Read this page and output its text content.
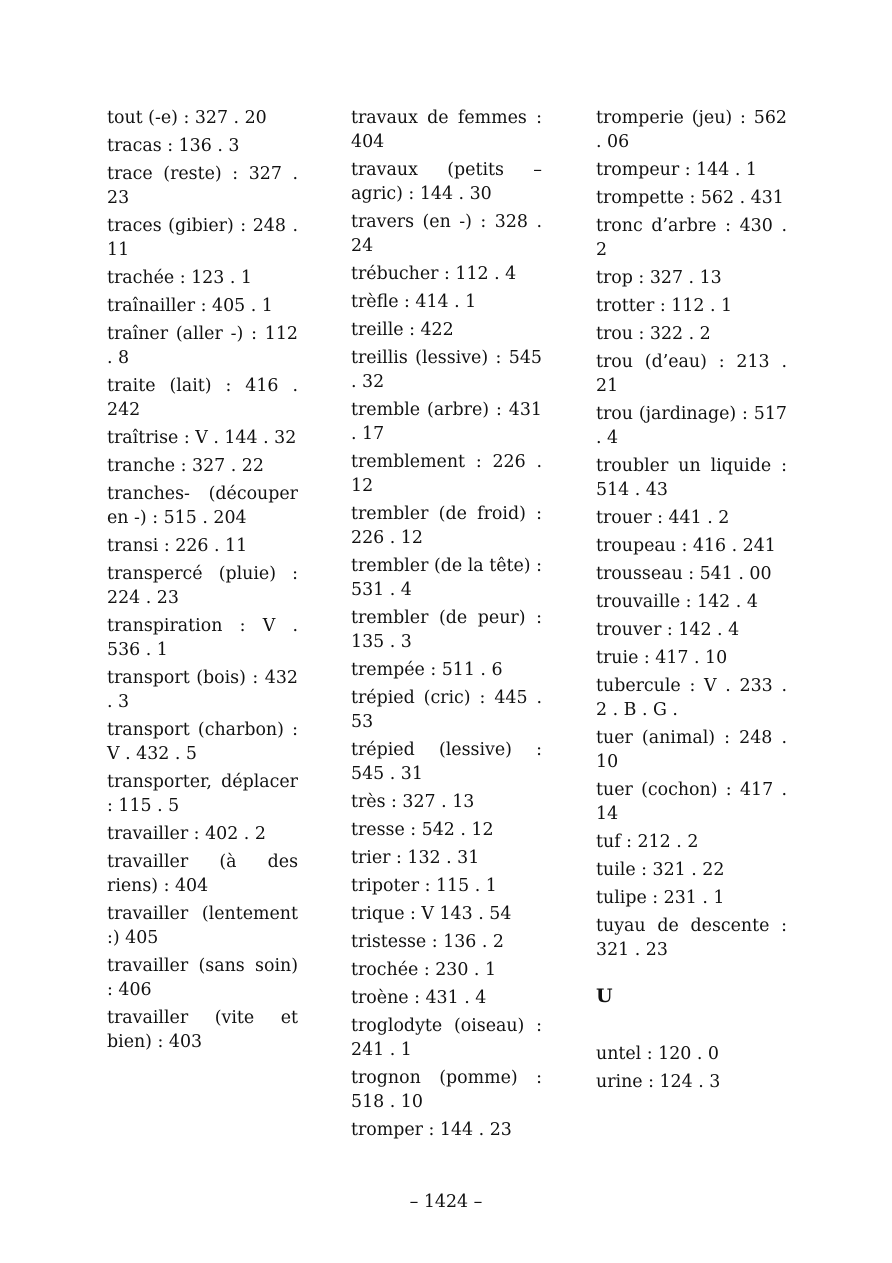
tout (-e) : 327 . 20
tracas : 136 . 3
trace (reste) : 327 . 23
traces (gibier) : 248 . 11
trachée : 123 . 1
traînailler : 405 . 1
traîner (aller -) : 112 . 8
traite (lait) : 416 . 242
traîtrise : V . 144 . 32
tranche : 327 . 22
tranches- (découper en -) : 515 . 204
transi : 226 . 11
transpercé (pluie) : 224 . 23
transpiration : V . 536 . 1
transport (bois) : 432 . 3
transport (charbon) : V . 432 . 5
transporter, déplacer : 115 . 5
travailler : 402 . 2
travailler (à des riens) : 404
travailler (lentement :) 405
travailler (sans soin) : 406
travailler (vite et bien) : 403
travaux de femmes : 404
travaux (petits – agric) : 144 . 30
travers (en -) : 328 . 24
trébucher : 112 . 4
trèfle : 414 . 1
treille : 422
treillis (lessive) : 545 . 32
tremble (arbre) : 431 . 17
tremblement : 226 . 12
trembler (de froid) : 226 . 12
trembler (de la tête) : 531 . 4
trembler (de peur) : 135 . 3
trempée : 511 . 6
trépied (cric) : 445 . 53
trépied (lessive) : 545 . 31
très : 327 . 13
tresse : 542 . 12
trier : 132 . 31
tripoter : 115 . 1
trique : V 143 . 54
tristesse : 136 . 2
trochée : 230 . 1
troène : 431 . 4
troglodyte (oiseau) : 241 . 1
trognon (pomme) : 518 . 10
tromper : 144 . 23
tromperie (jeu) : 562 . 06
trompeur : 144 . 1
trompette : 562 . 431
tronc d’arbre : 430 . 2
trop : 327 . 13
trotter : 112 . 1
trou : 322 . 2
trou (d’eau) : 213 . 21
trou (jardinage) : 517 . 4
troubler un liquide : 514 . 43
trouer : 441 . 2
troupeau : 416 . 241
trousseau : 541 . 00
trouvaille : 142 . 4
trouver : 142 . 4
truie : 417 . 10
tubercule : V . 233 . 2 . B . G .
tuer (animal) : 248 . 10
tuer (cochon) : 417 . 14
tuf : 212 . 2
tuile : 321 . 22
tulipe : 231 . 1
tuyau de descente : 321 . 23
U
untel : 120 . 0
urine : 124 . 3
– 1424 –
